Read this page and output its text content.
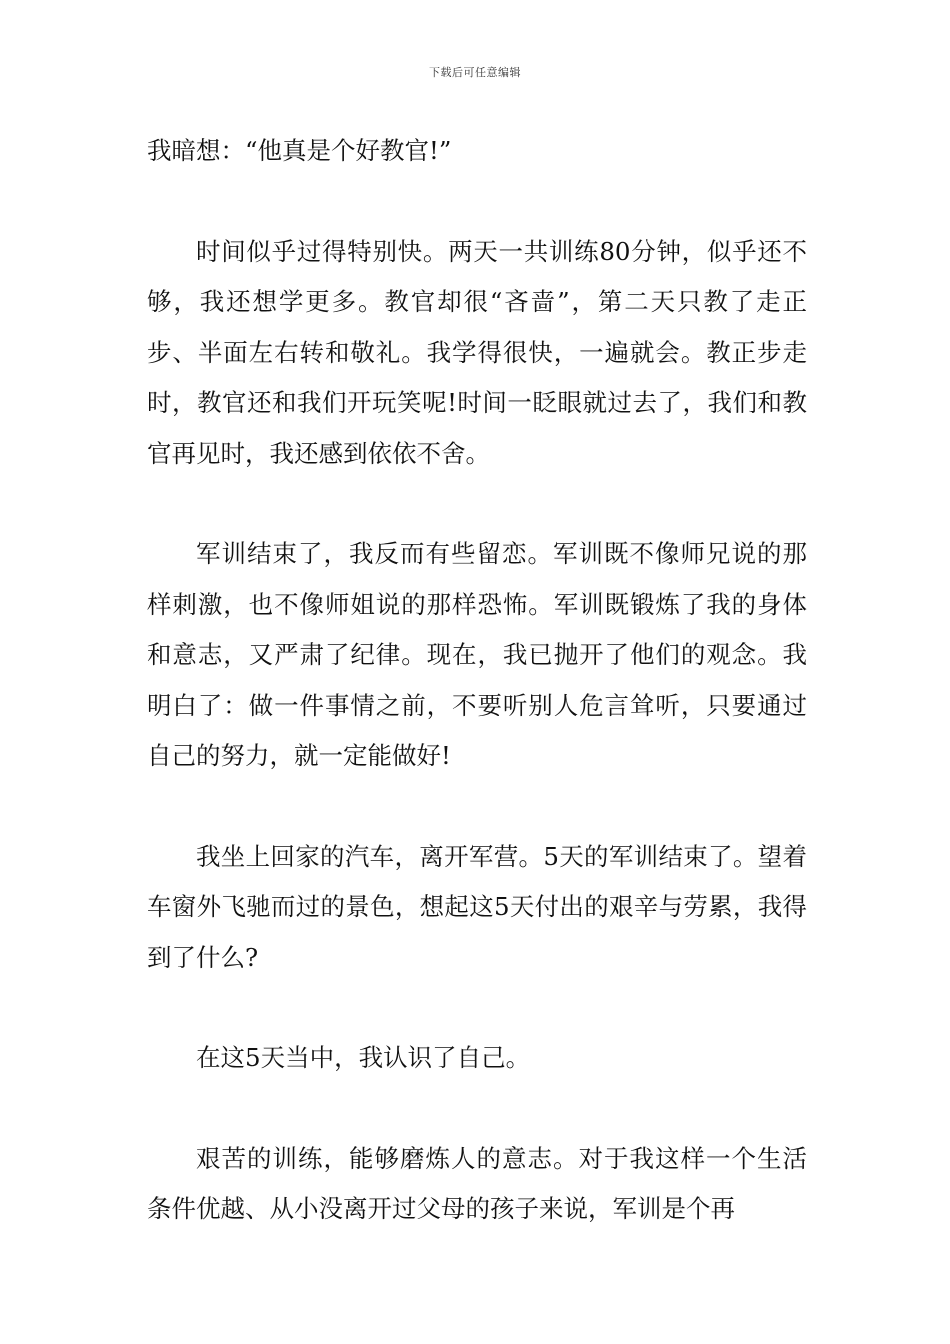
下载后可任意编辑

我暗想：“他真是个好教官!”

时间似乎过得特别快。两天一共训练80分钟，似乎还不够，我还想学更多。教官却很“吝啬”，第二天只教了走正步、半面左右转和敬礼。我学得很快，一遍就会。教正步走时，教官还和我们开玩笑呢!时间一眨眼就过去了，我们和教官再见时，我还感到依依不舍。

军训结束了，我反而有些留恋。军训既不像师兄说的那样刺激，也不像师姐说的那样恐怖。军训既锻炼了我的身体和意志，又严肃了纪律。现在，我已抛开了他们的观念。我明白了：做一件事情之前，不要听别人危言耸听，只要通过自己的努力，就一定能做好!

我坐上回家的汽车，离开军营。5天的军训结束了。望着车窗外飞驰而过的景色，想起这5天付出的艰辛与劳累，我得到了什么?

在这5天当中，我认识了自己。

艰苦的训练，能够磨炼人的意志。对于我这样一个生活条件优越、从小没离开过父母的孩子来说，军训是个再
